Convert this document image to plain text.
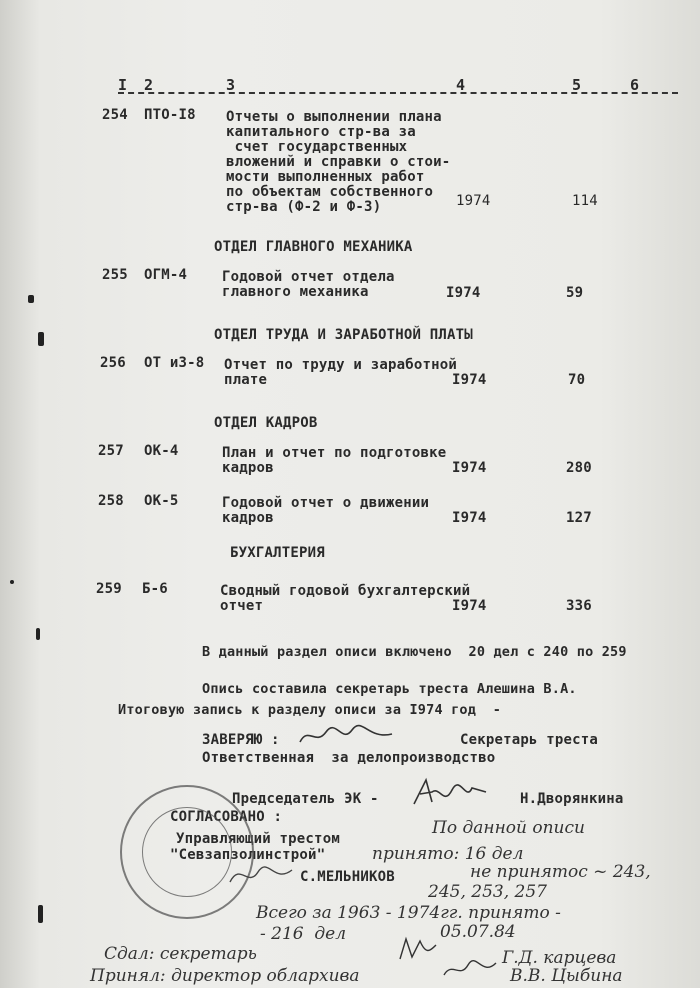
I 2	3	4	5	6
254 ПТО-I8 Отчеты о выполнении плана
капитального стр-ва за
счет государственных
вложений и справки о стои-
мости выполненных работ
по объектам собственного
стр-ва (Ф-2 и Ф-3)	1974	114
ОТДЕЛ ГЛАВНОГО МЕХАНИКА
255 ОГМ-4 Годовой отчет отдела
главного механика	I974	59
ОТДЕЛ ТРУДА И ЗАРАБОТНОЙ ПЛАТЫ
256 ОТ и3-8 Отчет по труду и заработной
плате	I974	70
ОТДЕЛ КАДРОВ
257 ОК-4	План и отчет по подготовке
кадров	I974	280
258 ОК-5	Годовой отчет о движении
кадров	I974	127
БУХГАЛТЕРИЯ
259 Б-6	Сводный годовой бухгалтерский
отчет	I974	336
В данный раздел описи включено  20 дел с 240 по 259
Опись составила секретарь треста Алешина В.А.
Итоговую запись к разделу описи за I974 год  -
ЗАВЕРЯЮ :	Секретарь треста
Ответственная  за делопроизводство
Председатель ЭК -	Н.Дворянкина
СОГЛАСОВАНО :
Управляющий трестом
"Севзапзолинстрой"
С.МЕЛЬНИКОВ
По данной описи
принято: 16 дел
не принятос ~ 243,
245, 253, 257
Всего за 1963 - 1974гг. принято -
- 216  дел	05.07.84
Сдал: секретарь	Г.Д. карцева
Принял: директор облархива	В.В. Цыбина
